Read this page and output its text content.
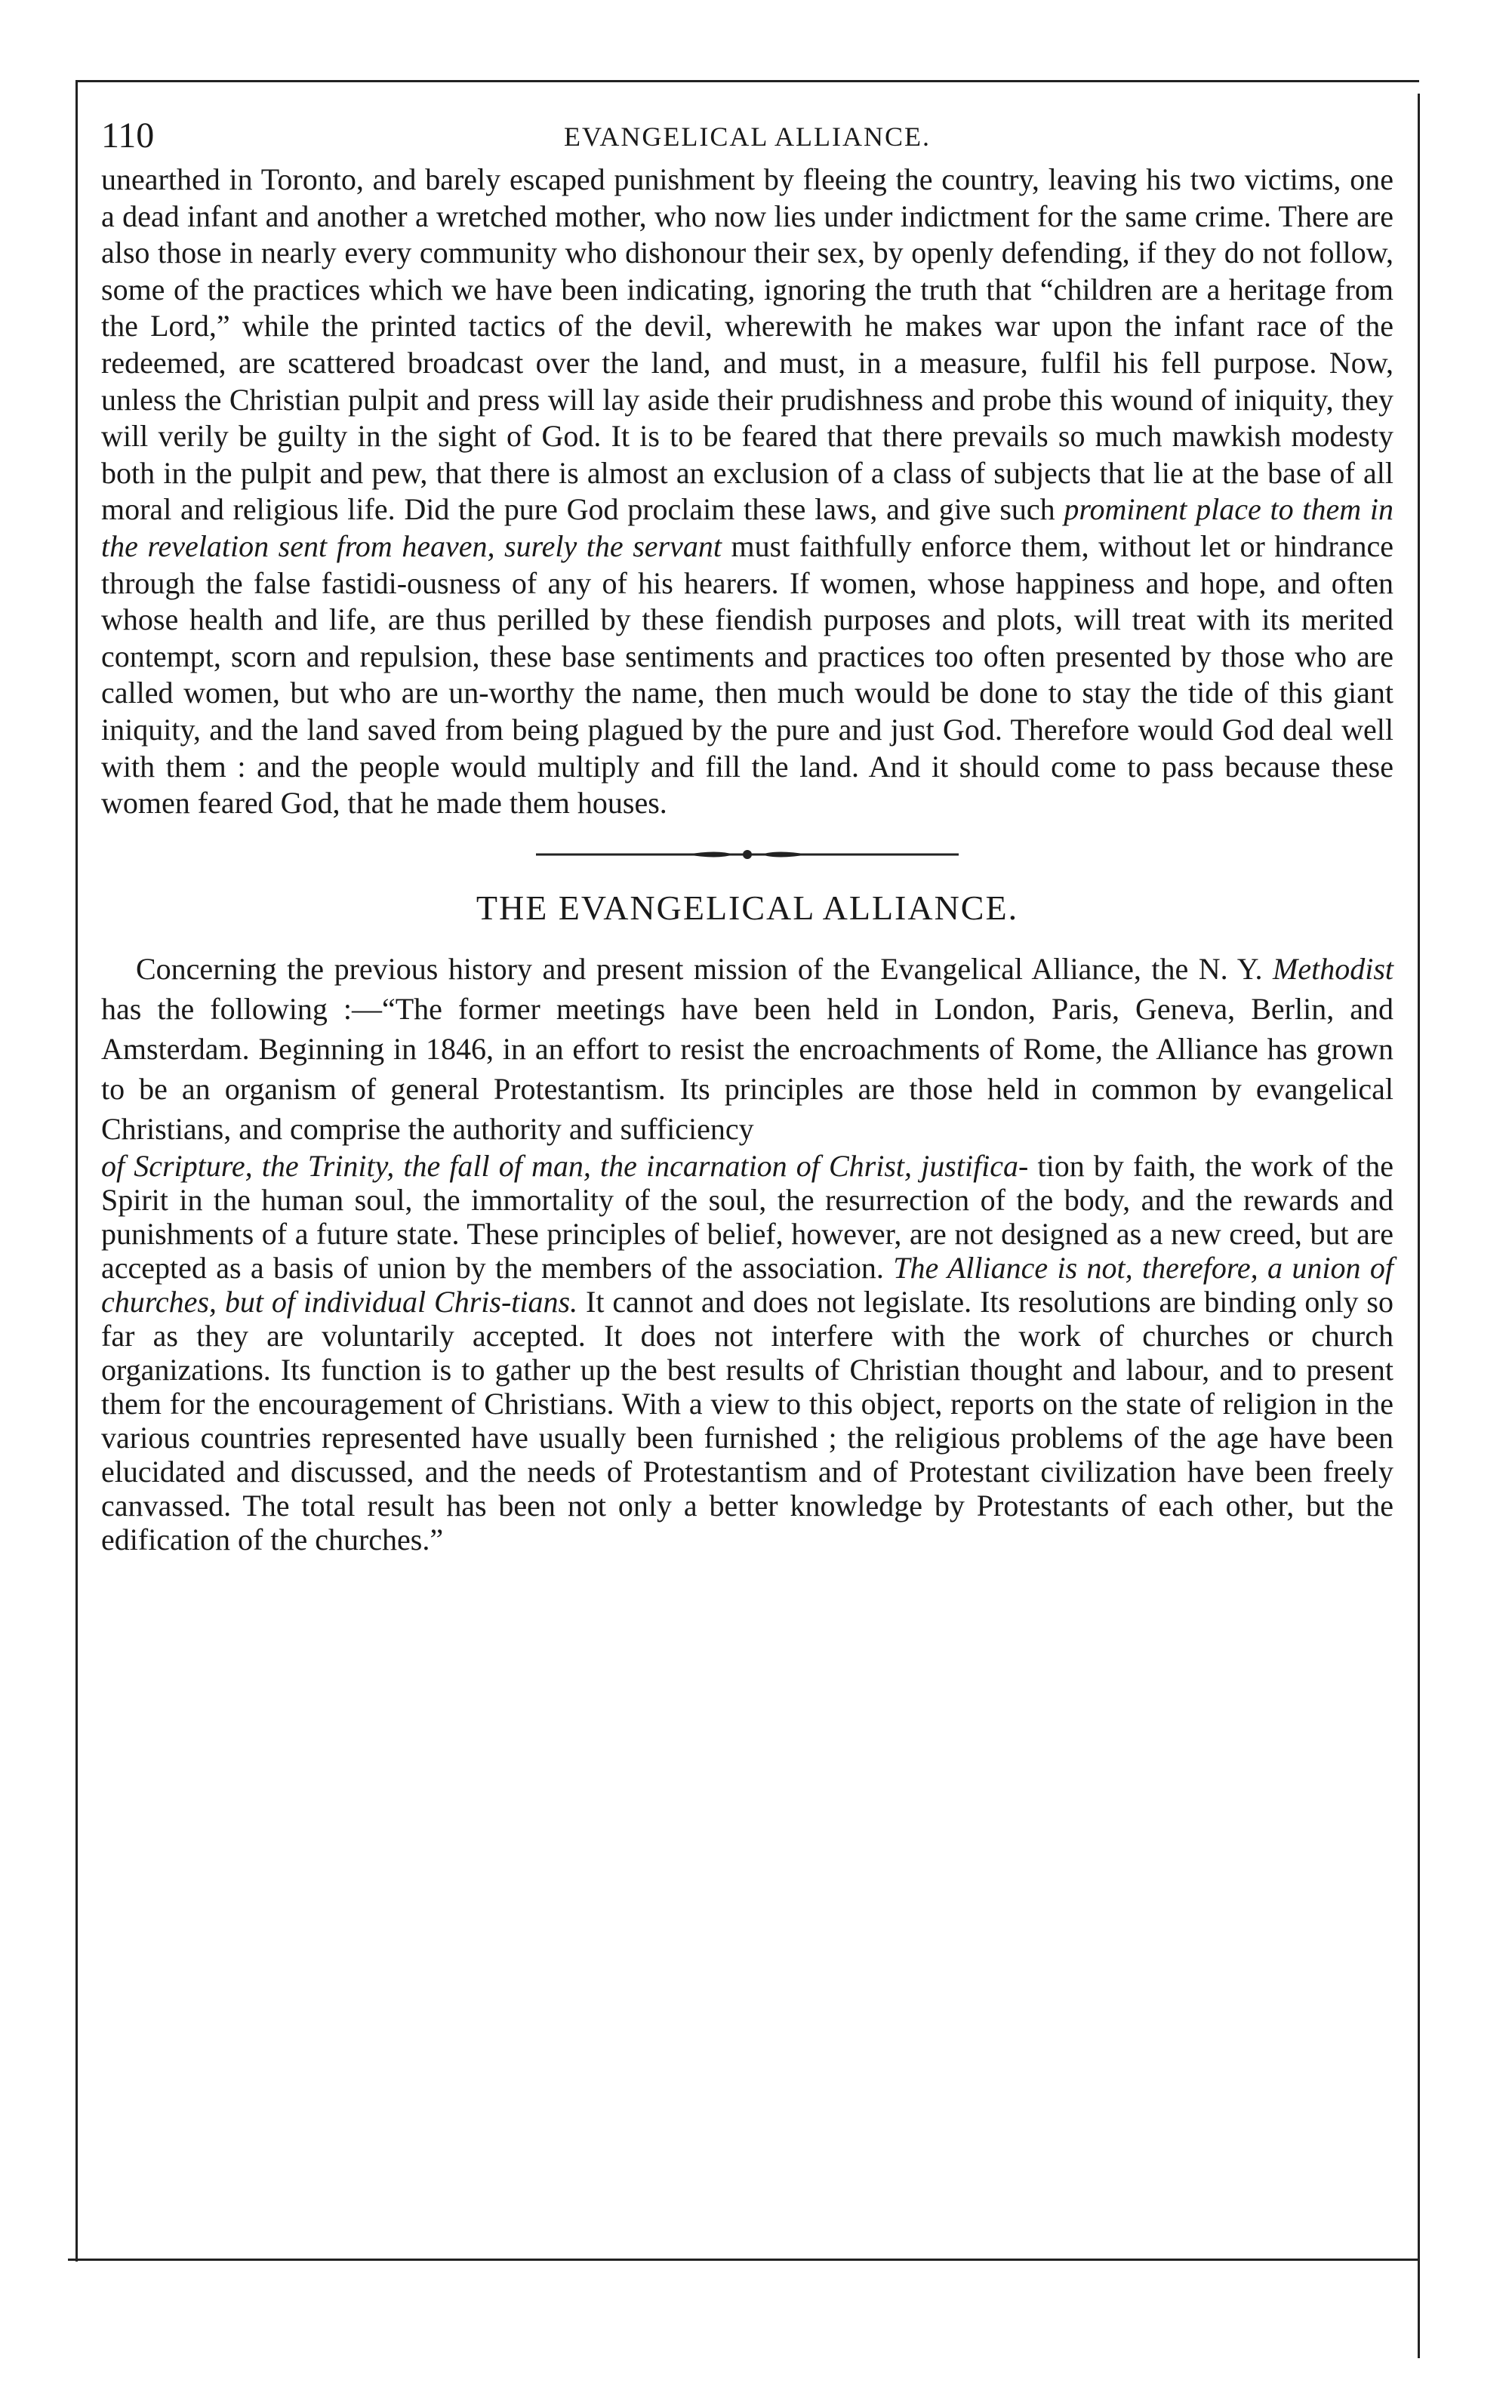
110	EVANGELICAL ALLIANCE.

unearthed in Toronto, and barely escaped punishment by fleeing the country, leaving his two victims, one a dead infant and another a wretched mother, who now lies under indictment for the same crime. There are also those in nearly every community who dishonour their sex, by openly defending, if they do not follow, some of the practices which we have been indicating, ignoring the truth that “children are a heritage from the Lord,” while the printed tactics of the devil, wherewith he makes war upon the infant race of the redeemed, are scattered broadcast over the land, and must, in a measure, fulfil his fell purpose. Now, unless the Christian pulpit and press will lay aside their prudishness and probe this wound of iniquity, they will verily be guilty in the sight of God. It is to be feared that there prevails so much mawkish modesty both in the pulpit and pew, that there is almost an exclusion of a class of subjects that lie at the base of all moral and religious life. Did the pure God proclaim these laws, and give such prominent place to them in the revelation sent from heaven, surely the servant must faithfully enforce them, without let or hindrance through the false fastidi-ousness of any of his hearers. If women, whose happiness and hope, and often whose health and life, are thus perilled by these fiendish purposes and plots, will treat with its merited contempt, scorn and repulsion, these base sentiments and practices too often presented by those who are called women, but who are un-worthy the name, then much would be done to stay the tide of this giant iniquity, and the land saved from being plagued by the pure and just God. Therefore would God deal well with them : and the people would multiply and fill the land. And it should come to pass because these women feared God, that he made them houses.

THE EVANGELICAL ALLIANCE.

Concerning the previous history and present mission of the Evangelical Alliance, the N. Y. Methodist has the following :—“The former meetings have been held in London, Paris, Geneva, Berlin, and Amsterdam. Beginning in 1846, in an effort to resist the encroachments of Rome, the Alliance has grown to be an organism of general Protestantism. Its principles are those held in common by evangelical Christians, and comprise the authority and sufficiency
of Scripture, the Trinity, the fall of man, the incarnation of Christ, justifica- tion by faith, the work of the Spirit in the human soul, the immortality of the soul, the resurrection of the body, and the rewards and punishments of a future state. These principles of belief, however, are not designed as a new creed, but are accepted as a basis of union by the members of the association. The Alliance is not, therefore, a union of churches, but of individual Chris-tians. It cannot and does not legislate. Its resolutions are binding only so far as they are voluntarily accepted. It does not interfere with the work of churches or church organizations. Its function is to gather up the best results of Christian thought and labour, and to present them for the encouragement of Christians. With a view to this object, reports on the state of religion in the various countries represented have usually been furnished ; the religious problems of the age have been elucidated and discussed, and the needs of Protestantism and of Protestant civilization have been freely canvassed. The total result has been not only a better knowledge by Protestants of each other, but the edification of the churches.”
